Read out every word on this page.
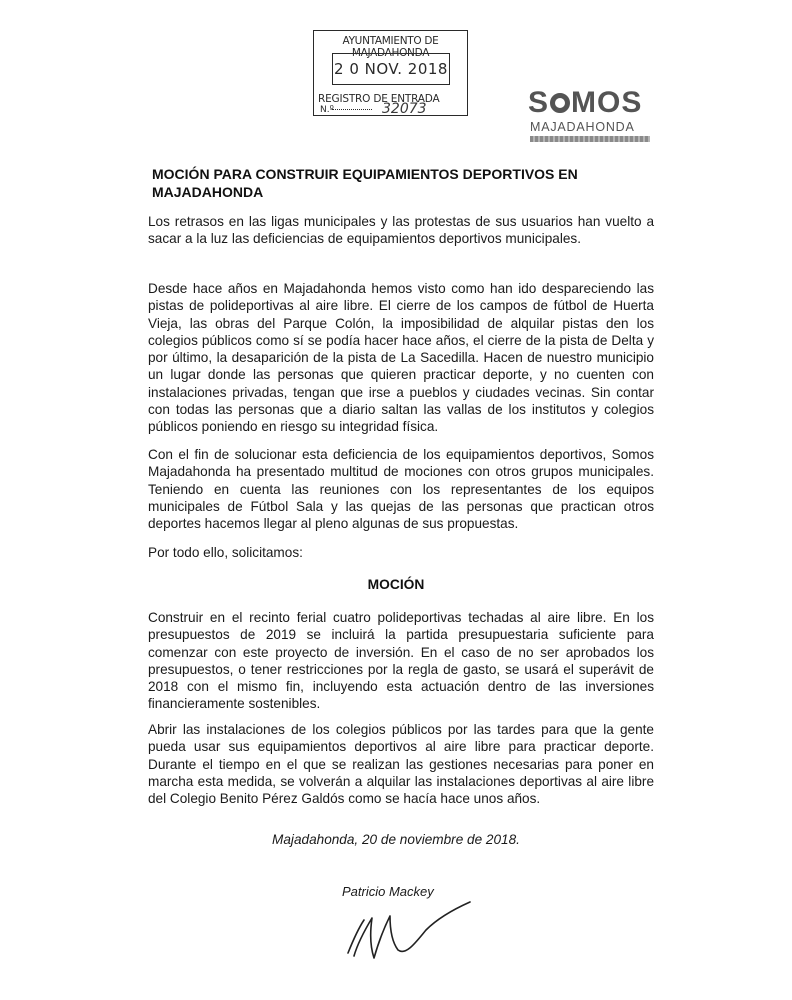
AYUNTAMIENTO DE MAJADAHONDA
2 0 NOV. 2018
REGISTRO DE ENTRADA
N.º	32073	S MOS
MAJADAHONDA
MOCIÓN PARA CONSTRUIR EQUIPAMIENTOS DEPORTIVOS EN MAJADAHONDA

Los retrasos en las ligas municipales y las protestas de sus usuarios han vuelto a sacar a la luz las deficiencias de equipamientos deportivos municipales.

Desde hace años en Majadahonda hemos visto como han ido despareciendo las pistas de polideportivas al aire libre. El cierre de los campos de fútbol de Huerta Vieja, las obras del Parque Colón, la imposibilidad de alquilar pistas den los colegios públicos como sí se podía hacer hace años, el cierre de la pista de Delta y por último, la desaparición de la pista de La Sacedilla. Hacen de nuestro municipio un lugar donde las personas que quieren practicar deporte, y no cuenten con instalaciones privadas, tengan que irse a pueblos y ciudades vecinas. Sin contar con todas las personas que a diario saltan las vallas de los institutos y colegios públicos poniendo en riesgo su integridad física.

Con el fin de solucionar esta deficiencia de los equipamientos deportivos, Somos Majadahonda ha presentado multitud de mociones con otros grupos municipales. Teniendo en cuenta las reuniones con los representantes de los equipos municipales de Fútbol Sala y las quejas de las personas que practican otros deportes hacemos llegar al pleno algunas de sus propuestas.

Por todo ello, solicitamos:

MOCIÓN

Construir en el recinto ferial cuatro polideportivas techadas al aire libre. En los presupuestos de 2019 se incluirá la partida presupuestaria suficiente para comenzar con este proyecto de inversión. En el caso de no ser aprobados los presupuestos, o tener restricciones por la regla de gasto, se usará el superávit de 2018 con el mismo fin, incluyendo esta actuación dentro de las inversiones financieramente sostenibles.

Abrir las instalaciones de los colegios públicos por las tardes para que la gente pueda usar sus equipamientos deportivos al aire libre para practicar deporte. Durante el tiempo en el que se realizan las gestiones necesarias para poner en marcha esta medida, se volverán a alquilar las instalaciones deportivas al aire libre del Colegio Benito Pérez Galdós como se hacía hace unos años.

Majadahonda, 20 de noviembre de 2018.
Patricio Mackey
